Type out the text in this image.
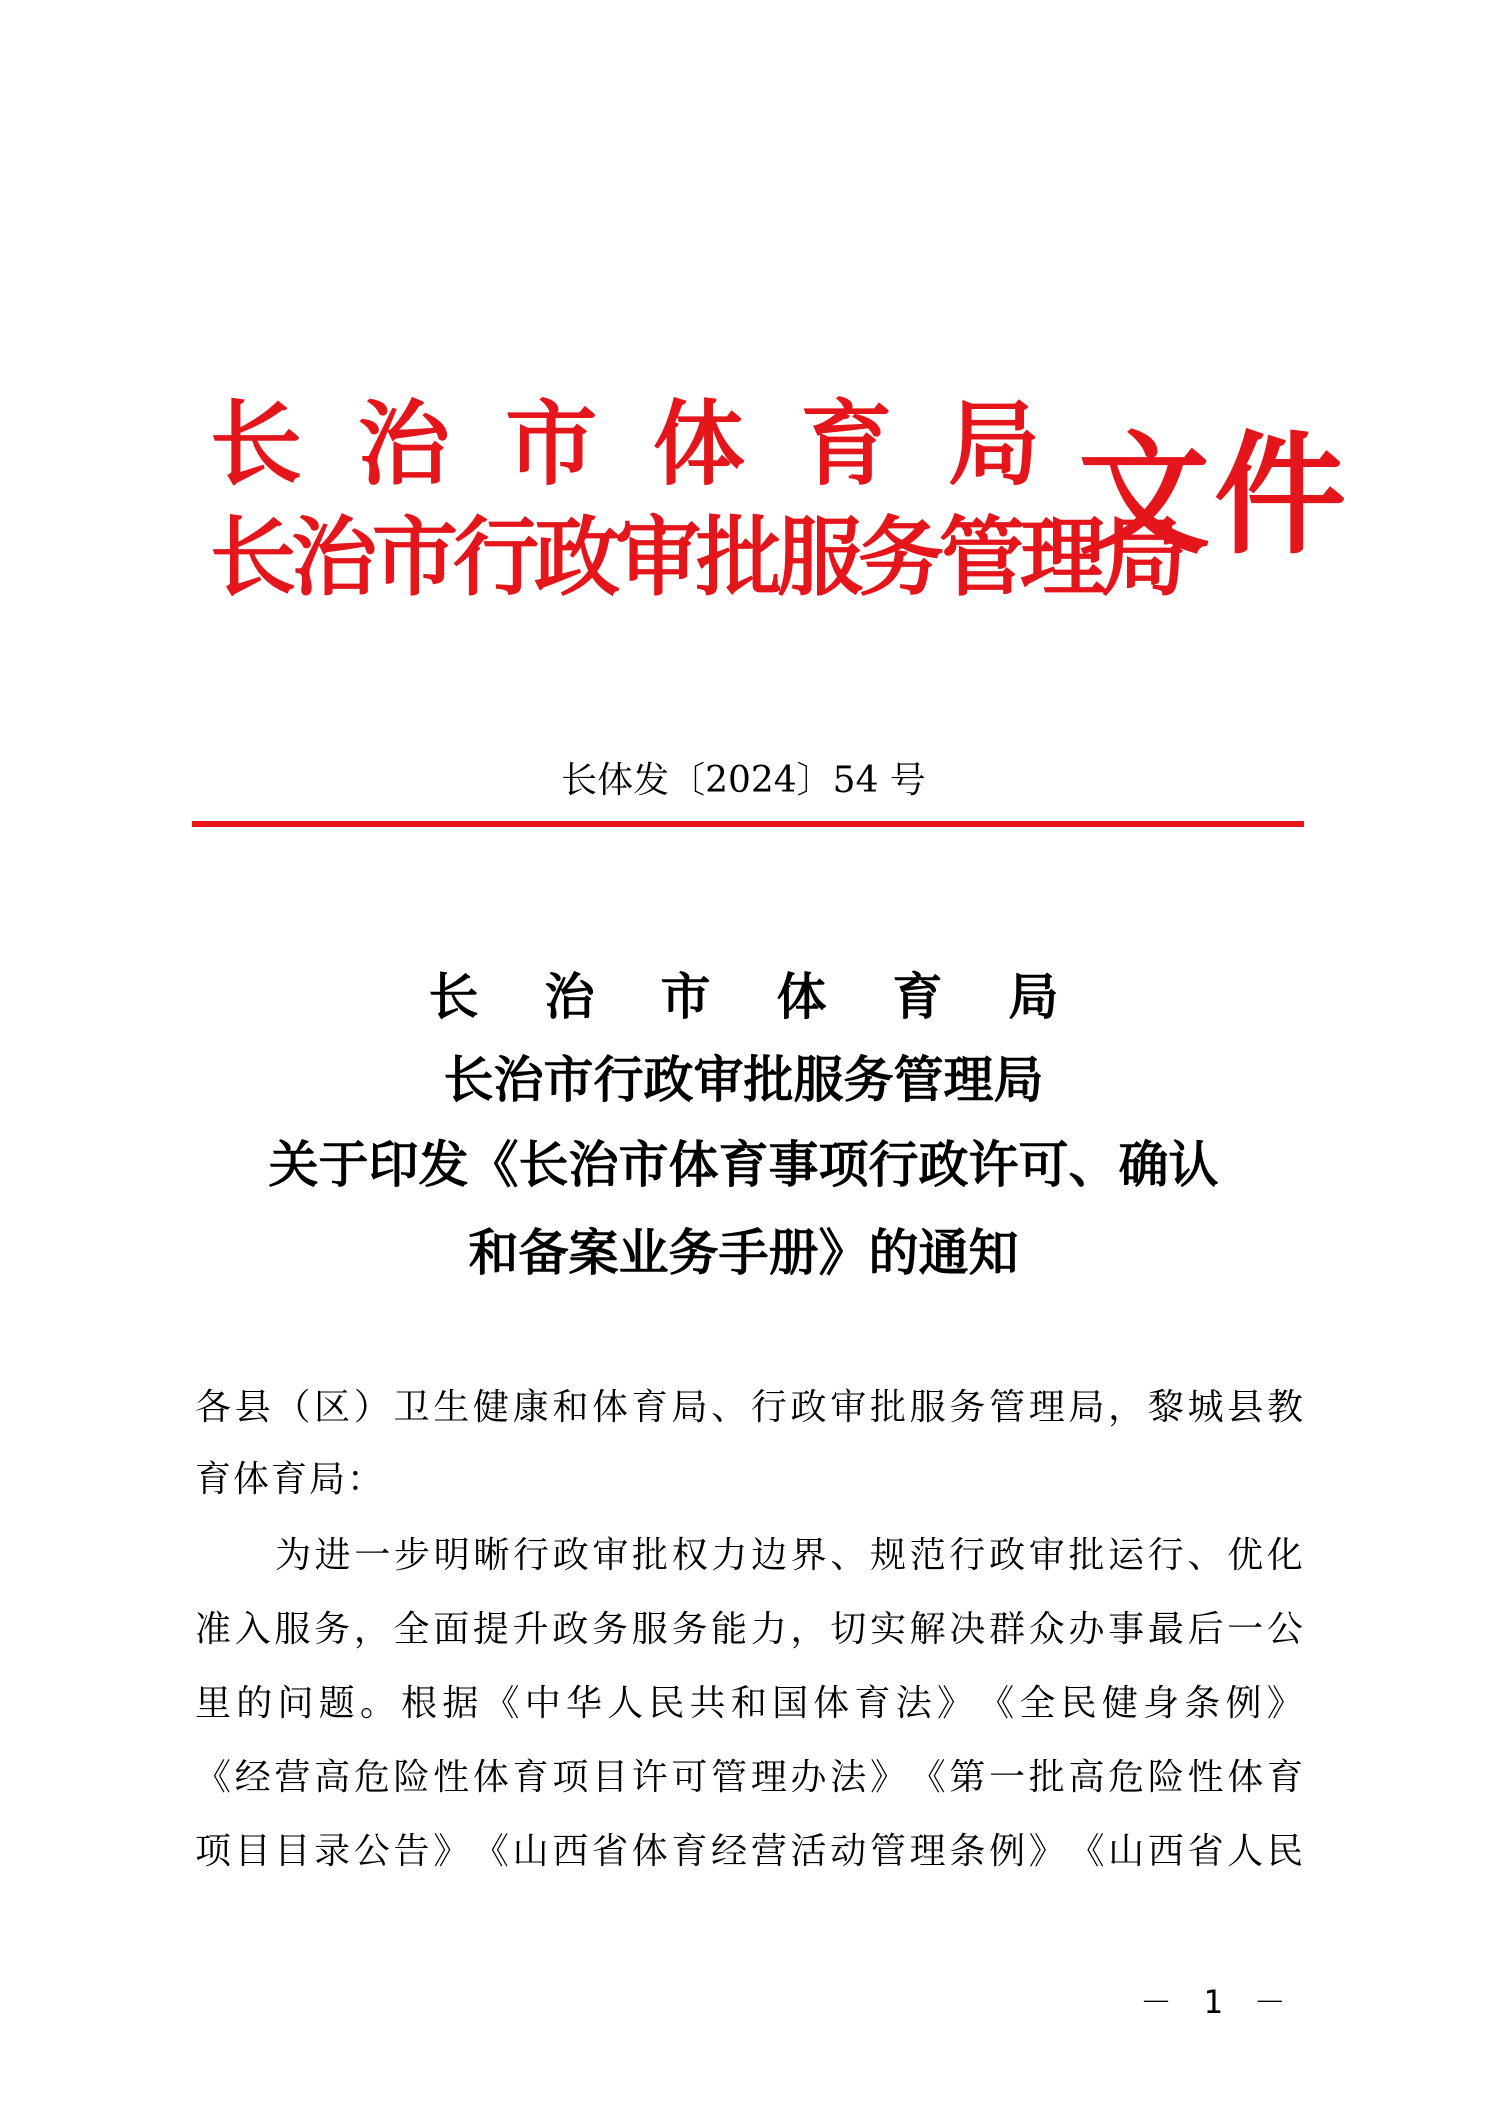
长 治 市 体 育 局
长治市行政审批服务管理局
文件
长体发〔2024〕54 号
长 治 市 体 育 局
长治市行政审批服务管理局
关于印发《长治市体育事项行政许可、确认
和备案业务手册》的通知
各 县 （ 区 ） 卫 生 健 康 和 体 育 局 、 行 政 审 批 服 务 管 理 局 ， 黎 城 县 教
育体育局：
为 进 一 步 明 晰 行 政 审 批 权 力 边 界 、 规 范 行 政 审 批 运 行 、 优 化
准 入 服 务 ， 全 面 提 升 政 务 服 务 能 力 ， 切 实 解 决 群 众 办 事 最 后 一 公
里 的 问 题 。 根 据 《 中 华 人 民 共 和 国 体 育 法 》 《 全 民 健 身 条 例 》
《 经 营 高 危 险 性 体 育 项 目 许 可 管 理 办 法 》 《 第 一 批 高 危 险 性 体 育
项 目 目 录 公 告 》 《 山 西 省 体 育 经 营 活 动 管 理 条 例 》 《 山 西 省 人 民
－ 1 －
